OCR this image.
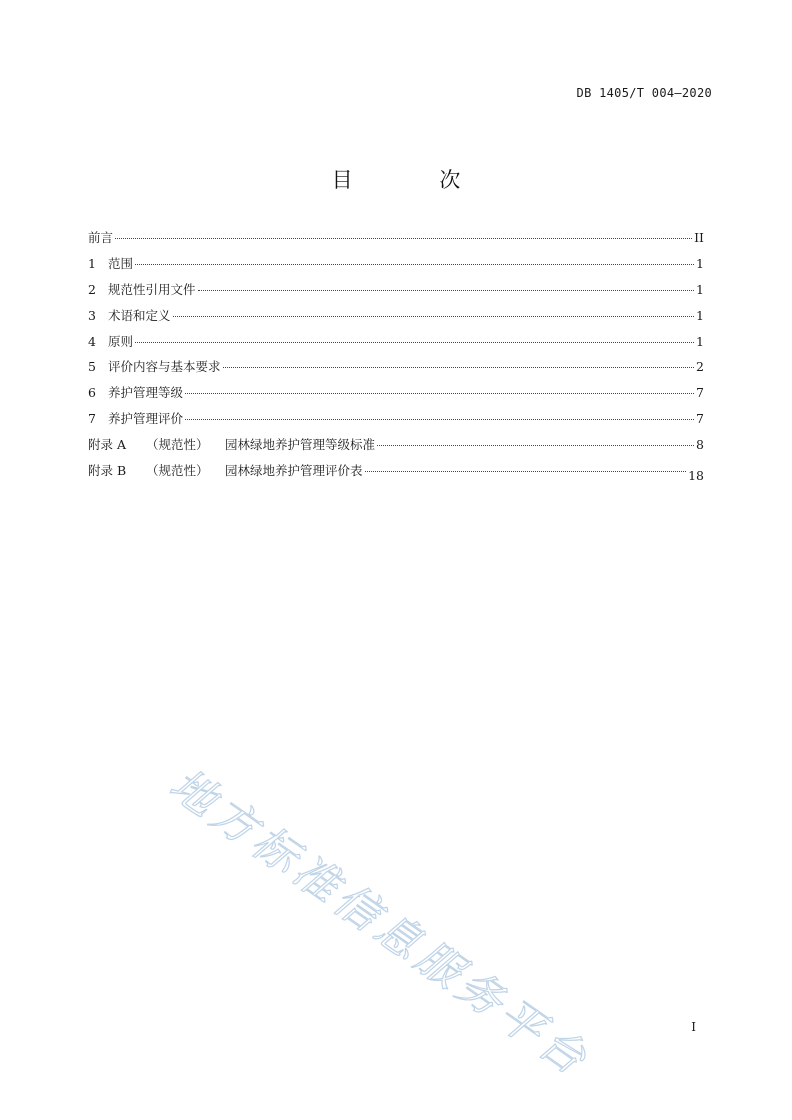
DB 1405/T 004—2020
目 次
前言	II
1 范围	1
2 规范性引用文件	1
3 术语和定义	1
4 原则	1
5 评价内容与基本要求	2
6 养护管理等级	7
7 养护管理评价	7
附录 A	（规范性）	园林绿地养护管理等级标准	8
附录 B	（规范性）	园林绿地养护管理评价表	18
地方标准信息服务平台	I
